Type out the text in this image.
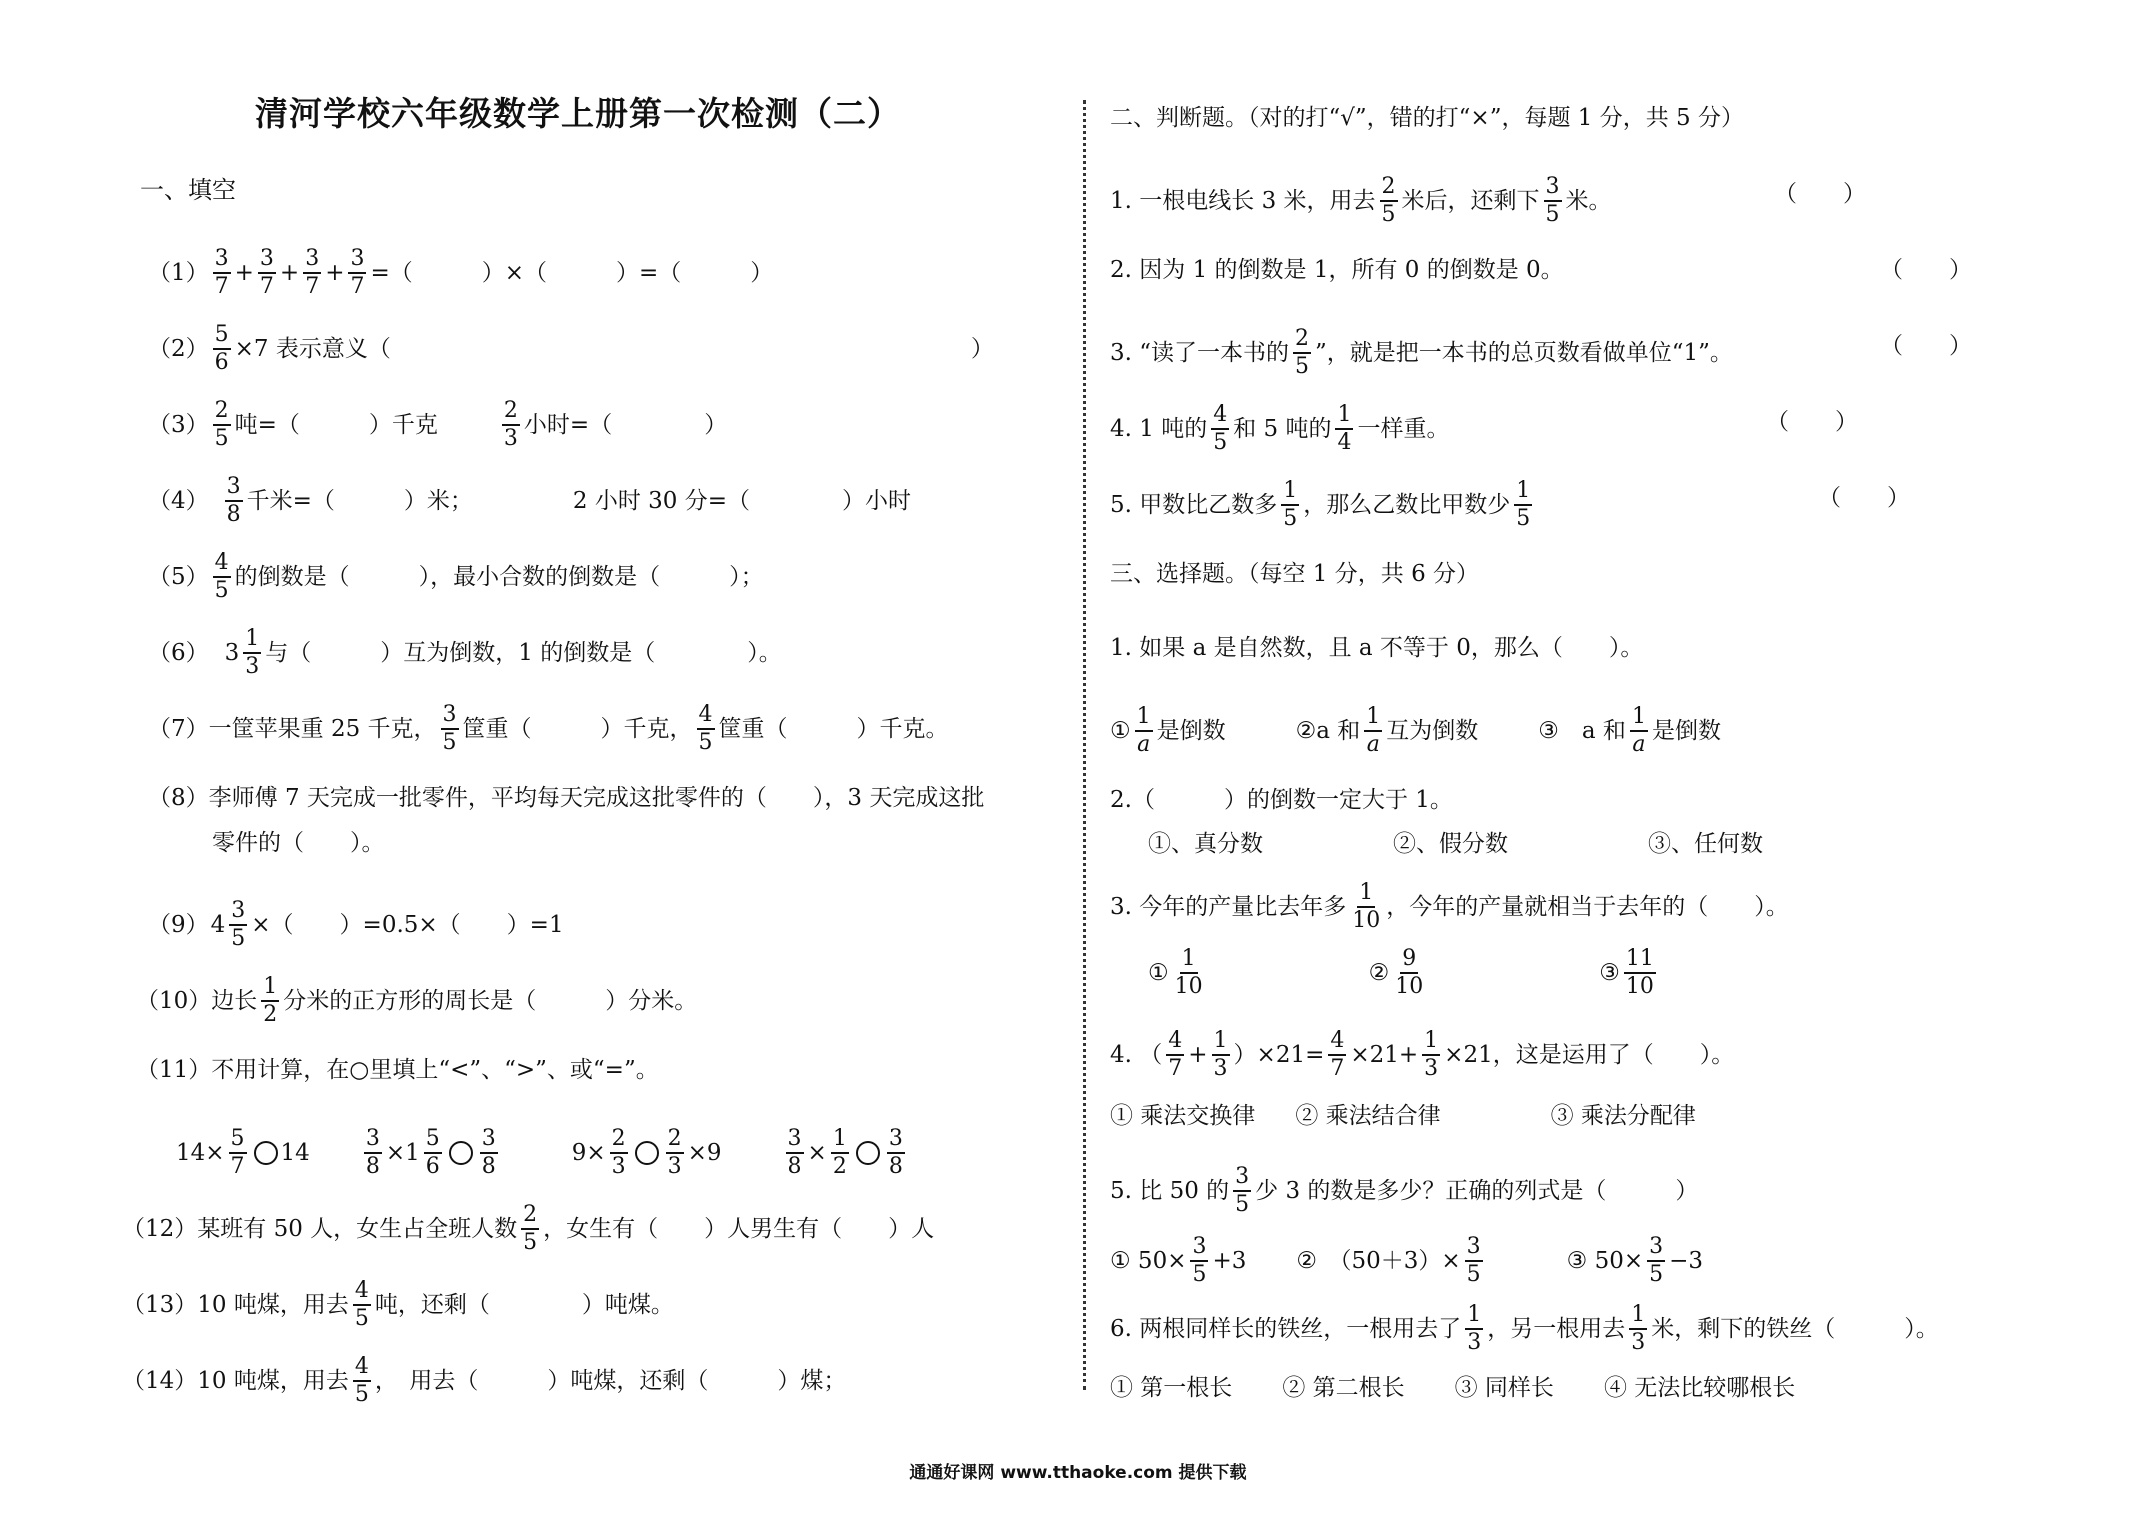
清河学校六年级数学上册第一次检测（二）
一、填空
$(1) \frac{3}{7} + \frac{3}{7} + \frac{3}{7} + \frac{3}{7}$ =（　　　）×（　　　）=（　　　）
$(2) \frac{5}{6} \times 7$ 表示意义（	）
$(3) \frac{2}{5}$ 吨=（　　　）千克	$\frac{2}{3}$ 小时=（　　　　）
$(4) \frac{3}{8}$ 千米=（　　　）米；	2 小时 30 分=（　　　　）小时
$(5) \frac{4}{5}$ 的倒数是（　　　），最小合数的倒数是（　　　）；
（6） $3 \frac{1}{3}$ 与（　　　）互为倒数，1 的倒数是（　　　　）。
（7） 一筐苹果重 25 千克， $\frac{3}{5}$ 筐重（　　　）千克， $\frac{4}{5}$ 筐重（　　　）千克。
（8） 李师傅 7 天完成一批零件，平均每天完成这批零件的（　　），3 天完成这批
零件的（　　）。
（9） $4 \frac{3}{5}$ ×（　　）=0.5×（　　）=1
（10） 边长 $\frac{1}{2}$ 分米的正方形的周长是（　　　）分米。
（11） 不用计算，在○里填上“<”、“>”、或“=”。
$14\times \frac{5}{7} 14 \frac{3}{8} \times 1 \frac{5}{6} \frac{3}{8}$	$9\times \frac{2}{3} \frac{2}{3} \times 9$	$\frac{3}{8} \times \frac{1}{2} \frac{3}{8}$
（12） 某班有 50 人，女生占全班人数 $\frac{2}{5}$ ，女生有（　　）人男生有（　　）人
（13） 10 吨煤，用去 $\frac{4}{5}$ 吨，还剩（　　　　）吨煤。
（14） 10 吨煤，用去 $\frac{4}{5}$ ，　用去（　　　）吨煤，还剩（　　　）煤；
二、判断题。（对的打“√”，错的打“×”，每题 1 分，共 5 分）
1. 一根电线长 3 米，用去 $\frac{2}{5}$ 米后，还剩下 $\frac{3}{5}$ 米。	（　　）
2. 因为 1 的倒数是 1，所有 0 的倒数是 0。	（　　）
3. “读了一本书的 $\frac{2}{5}$ ”，就是把一本书的总页数看做单位“1”。	（　　）
4. 1 吨的 $\frac{4}{5}$ 和 5 吨的 $\frac{1}{4}$ 一样重。	（　　）
5. 甲数比乙数多 $\frac{1}{5}$ ，那么乙数比甲数少 $\frac{1}{5}$	（　　）
三、选择题。（每空 1 分，共 6 分）
1. 如果 a 是自然数，且 a 不等于 0，那么（　　）。
① $\frac{1}{a}$ 是倒数	②a 和 $\frac{1}{a}$ 互为倒数	③　a 和 $\frac{1}{a}$ 是倒数
2.（　　　）的倒数一定大于 1。
①、真分数	②、假分数	③、任何数
3. 今年的产量比去年多 $\frac{1}{10}$ ，今年的产量就相当于去年的（　　）。
① $\frac{1}{10}$	② $\frac{9}{10}$	③ $\frac{11}{10}$
4. （ $\frac{4}{7} + \frac{1}{3} )\times 21= \frac{4}{7} \times 21+ \frac{1}{3} \times 21$，这是运用了（　　）。
① 乘法交换律 ② 乘法结合律	③ 乘法分配律
5. 比 50 的 $\frac{3}{5}$ 少 3 的数是多少？正确的列式是（　　　）
① $50\times \frac{3}{5} +3$ ②　$(50+3)\times \frac{3}{5}$	③ $50\times \frac{3}{5} -3$
6. 两根同样长的铁丝，一根用去了 $\frac{1}{3}$ ，另一根用去 $\frac{1}{3}$ 米，剩下的铁丝（　　　）。
① 第一根长 ② 第二根长 ③ 同样长 ④ 无法比较哪根长
通通好课网 www.tthaoke.com 提供下载
